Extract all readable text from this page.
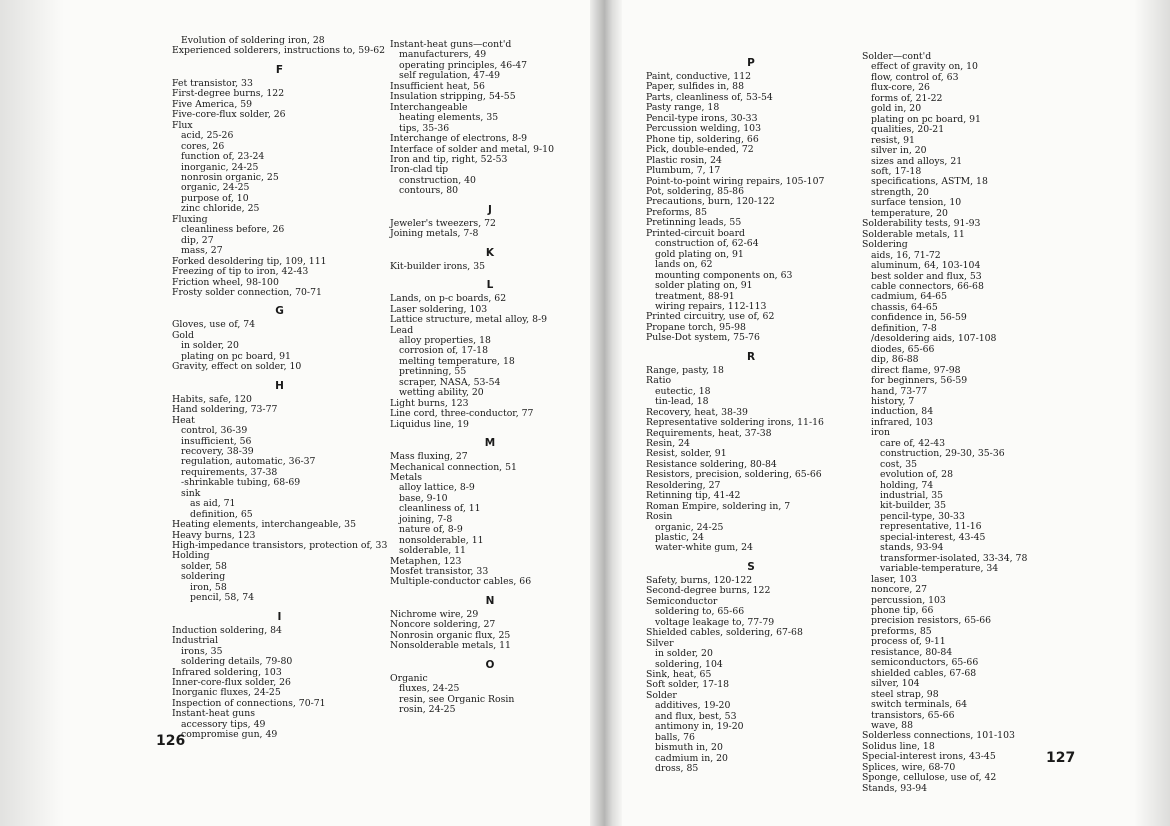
Evolution of soldering iron, 28
Experienced solderers, instructions to, 59-62
F
Fet transistor, 33
First-degree burns, 122
Five America, 59
Five-core-flux solder, 26
Flux
acid, 25-26
cores, 26
function of, 23-24
inorganic, 24-25
nonrosin organic, 25
organic, 24-25
purpose of, 10
zinc chloride, 25
Fluxing
cleanliness before, 26
dip, 27
mass, 27
Forked desoldering tip, 109, 111
Freezing of tip to iron, 42-43
Friction wheel, 98-100
Frosty solder connection, 70-71
G
Gloves, use of, 74
Gold
in solder, 20
plating on pc board, 91
Gravity, effect on solder, 10
H
Habits, safe, 120
Hand soldering, 73-77
Heat
control, 36-39
insufficient, 56
recovery, 38-39
regulation, automatic, 36-37
requirements, 37-38
-shrinkable tubing, 68-69
sink
as aid, 71
definition, 65
Heating elements, interchangeable, 35
Heavy burns, 123
High-impedance transistors, protection of, 33
Holding
solder, 58
soldering
iron, 58
pencil, 58, 74
I
Induction soldering, 84
Industrial
irons, 35
soldering details, 79-80
Infrared soldering, 103
Inner-core-flux solder, 26
Inorganic fluxes, 24-25
Inspection of connections, 70-71
Instant-heat guns
accessory tips, 49
compromise gun, 49
Instant-heat guns—cont'd
manufacturers, 49
operating principles, 46-47
self regulation, 47-49
Insufficient heat, 56
Insulation stripping, 54-55
Interchangeable
heating elements, 35
tips, 35-36
Interchange of electrons, 8-9
Interface of solder and metal, 9-10
Iron and tip, right, 52-53
Iron-clad tip
construction, 40
contours, 80
J
Jeweler's tweezers, 72
Joining metals, 7-8
K
Kit-builder irons, 35
L
Lands, on p-c boards, 62
Laser soldering, 103
Lattice structure, metal alloy, 8-9
Lead
alloy properties, 18
corrosion of, 17-18
melting temperature, 18
pretinning, 55
scraper, NASA, 53-54
wetting ability, 20
Light burns, 123
Line cord, three-conductor, 77
Liquidus line, 19
M
Mass fluxing, 27
Mechanical connection, 51
Metals
alloy lattice, 8-9
base, 9-10
cleanliness of, 11
joining, 7-8
nature of, 8-9
nonsolderable, 11
solderable, 11
Metaphen, 123
Mosfet transistor, 33
Multiple-conductor cables, 66
N
Nichrome wire, 29
Noncore soldering, 27
Nonrosin organic flux, 25
Nonsolderable metals, 11
O
Organic
fluxes, 24-25
resin, see Organic Rosin
rosin, 24-25
P
Paint, conductive, 112
Paper, sulfides in, 88
Parts, cleanliness of, 53-54
Pasty range, 18
Pencil-type irons, 30-33
Percussion welding, 103
Phone tip, soldering, 66
Pick, double-ended, 72
Plastic rosin, 24
Plumbum, 7, 17
Point-to-point wiring repairs, 105-107
Pot, soldering, 85-86
Precautions, burn, 120-122
Preforms, 85
Pretinning leads, 55
Printed-circuit board
construction of, 62-64
gold plating on, 91
lands on, 62
mounting components on, 63
solder plating on, 91
treatment, 88-91
wiring repairs, 112-113
Printed circuitry, use of, 62
Propane torch, 95-98
Pulse-Dot system, 75-76
R
Range, pasty, 18
Ratio
eutectic, 18
tin-lead, 18
Recovery, heat, 38-39
Representative soldering irons, 11-16
Requirements, heat, 37-38
Resin, 24
Resist, solder, 91
Resistance soldering, 80-84
Resistors, precision, soldering, 65-66
Resoldering, 27
Retinning tip, 41-42
Roman Empire, soldering in, 7
Rosin
organic, 24-25
plastic, 24
water-white gum, 24
S
Safety, burns, 120-122
Second-degree burns, 122
Semiconductor
soldering to, 65-66
voltage leakage to, 77-79
Shielded cables, soldering, 67-68
Silver
in solder, 20
soldering, 104
Sink, heat, 65
Soft solder, 17-18
Solder
additives, 19-20
and flux, best, 53
antimony in, 19-20
balls, 76
bismuth in, 20
cadmium in, 20
dross, 85
Solder—cont'd
effect of gravity on, 10
flow, control of, 63
flux-core, 26
forms of, 21-22
gold in, 20
plating on pc board, 91
qualities, 20-21
resist, 91
silver in, 20
sizes and alloys, 21
soft, 17-18
specifications, ASTM, 18
strength, 20
surface tension, 10
temperature, 20
Solderability tests, 91-93
Solderable metals, 11
Soldering
aids, 16, 71-72
aluminum, 64, 103-104
best solder and flux, 53
cable connectors, 66-68
cadmium, 64-65
chassis, 64-65
confidence in, 56-59
definition, 7-8
/desoldering aids, 107-108
diodes, 65-66
dip, 86-88
direct flame, 97-98
for beginners, 56-59
hand, 73-77
history, 7
induction, 84
infrared, 103
iron
care of, 42-43
construction, 29-30, 35-36
cost, 35
evolution of, 28
holding, 74
industrial, 35
kit-builder, 35
pencil-type, 30-33
representative, 11-16
special-interest, 43-45
stands, 93-94
transformer-isolated, 33-34, 78
variable-temperature, 34
laser, 103
noncore, 27
percussion, 103
phone tip, 66
precision resistors, 65-66
preforms, 85
process of, 9-11
resistance, 80-84
semiconductors, 65-66
shielded cables, 67-68
silver, 104
steel strap, 98
switch terminals, 64
transistors, 65-66
wave, 88
Solderless connections, 101-103
Solidus line, 18
Special-interest irons, 43-45
Splices, wire, 68-70
Sponge, cellulose, use of, 42
Stands, 93-94
126
127
